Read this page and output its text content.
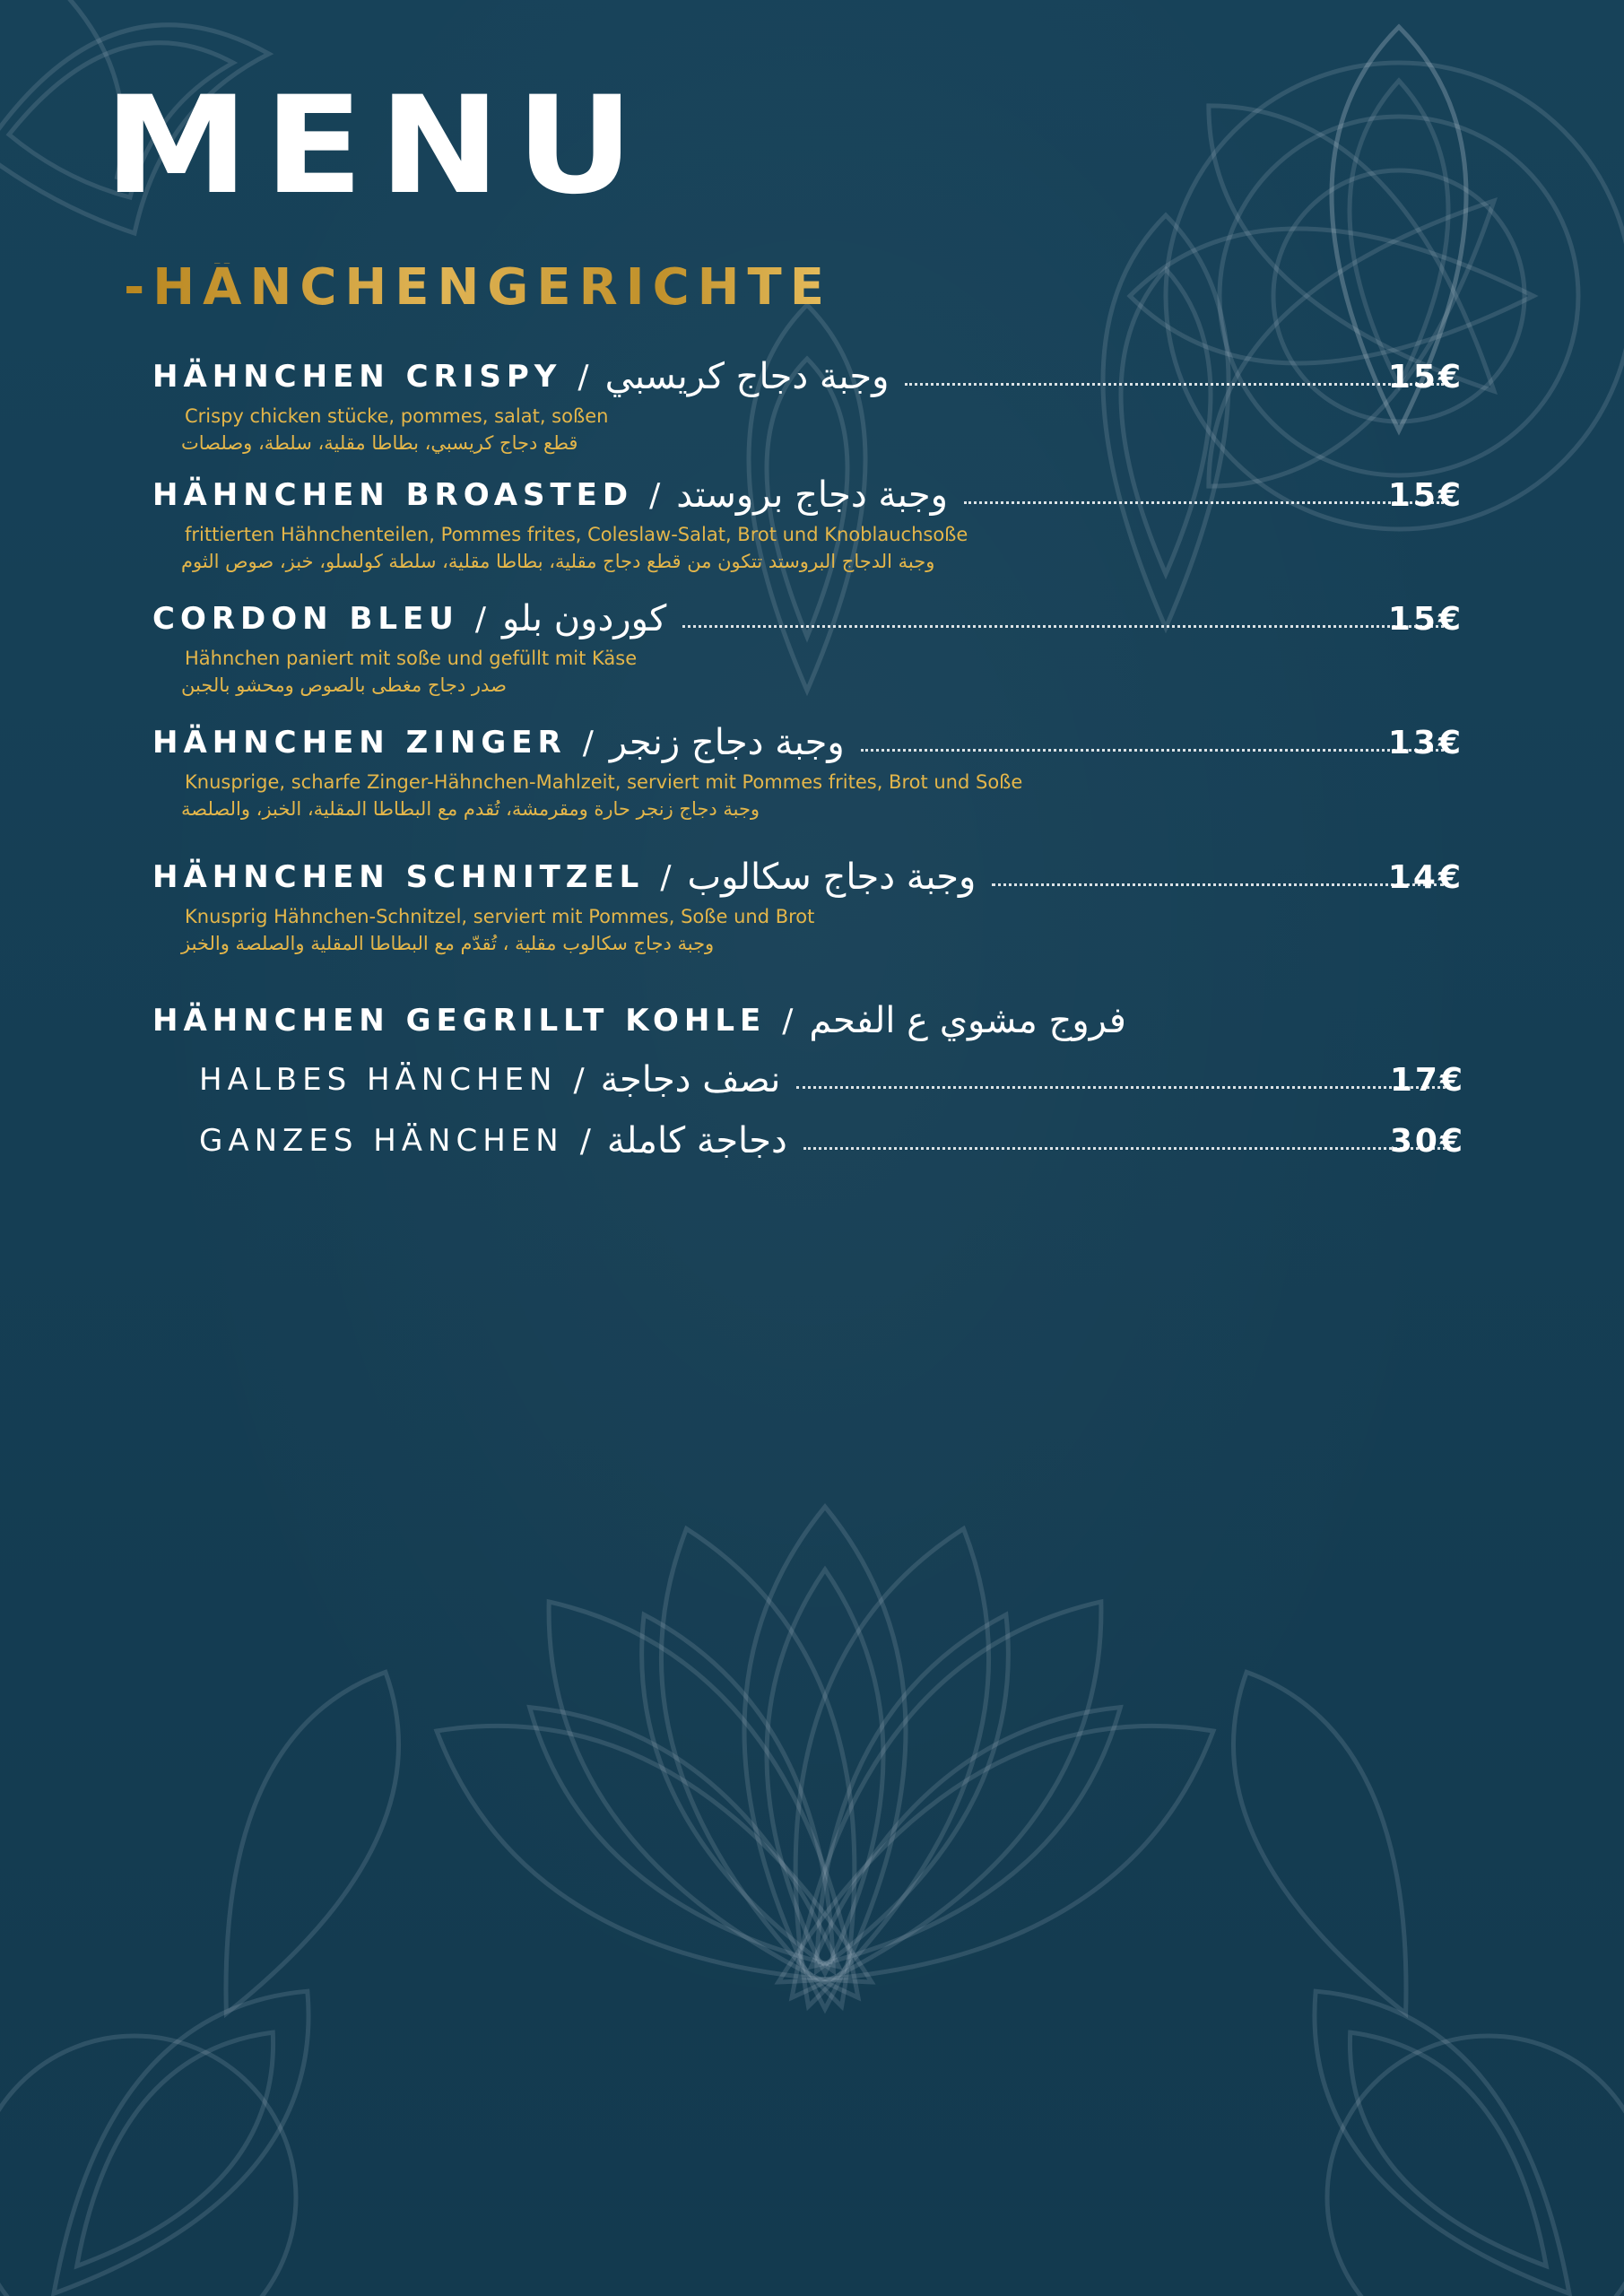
MENU
-HÄNCHENGERICHTE
HÄHNCHEN CRISPY / وجبة دجاج كريسبي	15€
Crispy chicken stücke, pommes, salat, soßen
قطع دجاج كريسبي، بطاطا مقلية، سلطة، وصلصات
HÄHNCHEN BROASTED / وجبة دجاج بروستد	15€
frittierten Hähnchenteilen, Pommes frites, Coleslaw-Salat, Brot und Knoblauchsoße
وجبة الدجاج البروستد تتكون من قطع دجاج مقلية، بطاطا مقلية، سلطة كولسلو، خبز، صوص الثوم
CORDON BLEU / كوردون بلو	15€
Hähnchen paniert mit soße und gefüllt mit Käse
صدر دجاج مغطى بالصوص ومحشو بالجبن
HÄHNCHEN ZINGER / وجبة دجاج زنجر	13€
Knusprige, scharfe Zinger-Hähnchen-Mahlzeit, serviert mit Pommes frites, Brot und Soße
وجبة دجاج زنجر حارة ومقرمشة، تُقدم مع البطاطا المقلية، الخبز، والصلصة
HÄHNCHEN SCHNITZEL / وجبة دجاج سكالوب	14€
Knusprig Hähnchen-Schnitzel, serviert mit Pommes, Soße und Brot
وجبة دجاج سكالوب مقلية ، تُقدّم مع البطاطا المقلية والصلصة والخبز
HÄHNCHEN GEGRILLT KOHLE / فروج مشوي ع الفحم
HALBES HÄNCHEN / نصف دجاجة	17€
GANZES HÄNCHEN / دجاجة كاملة	30€
